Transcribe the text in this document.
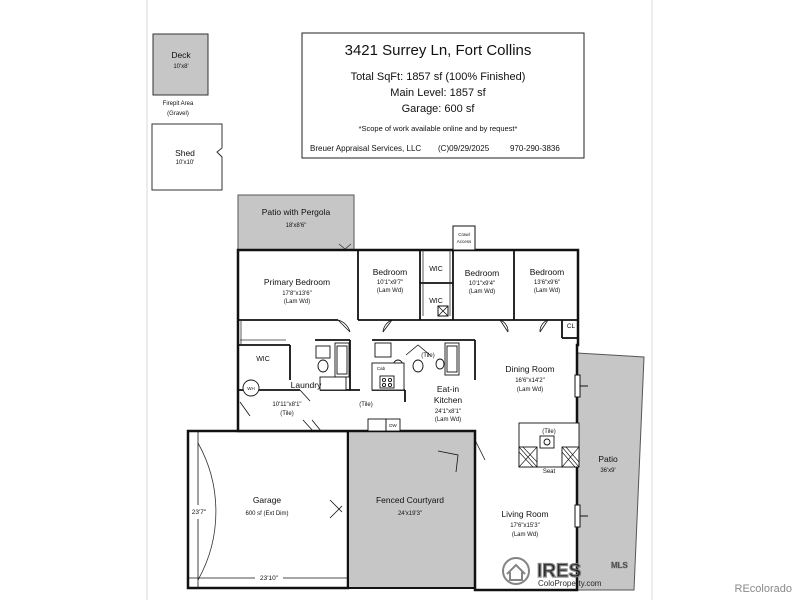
3421 Surrey Ln, Fort Collins
Total SqFt: 1857 sf (100% Finished)
Main Level: 1857 sf
Garage: 600 sf
*Scope of work available online and by request*
Breuer Appraisal Services, LLC (C)09/29/2025	970-290-3836
Deck
10'x8'
Firepit Area
(Gravel)
Shed
10'x10'
Patio with Pergola
18'x8'6"
Patio
36'x9'
Crawl
Access
Primary Bedroom
17'8"x13'6"
(Lam Wd)
Bedroom
10'1"x9'7"
(Lam Wd)
WIC
WIC
Bedroom
10'1"x9'4"
(Lam Wd)
Bedroom
13'6"x9'6"
(Lam Wd)
CL
WIC	(Tile)
Cab
Laundry
WH
10'11"x8'1"
(Tile)
(Tile)
Eat-in
Kitchen
24'1"x8'1"
(Lam Wd)
DW
Dining Room
16'6"x14'2"
(Lam Wd)
(Tile)
Seat
Garage
600 sf (Ext Dim)
Fenced Courtyard
24'x19'3"	Living Room
17'6"x15'3"
(Lam Wd)
23'10"
23'7"
IRES	MLS
ColoProperty.com	REcolorado
